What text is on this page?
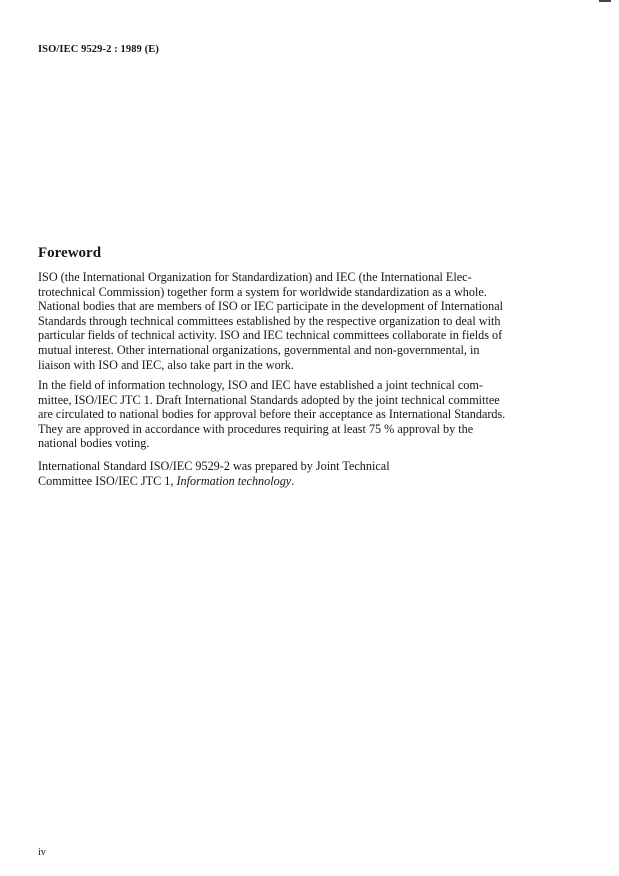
ISO/IEC 9529-2 : 1989 (E)
Foreword

ISO (the International Organization for Standardization) and IEC (the International Elec-
trotechnical Commission) together form a system for worldwide standardization as a whole.
National bodies that are members of ISO or IEC participate in the development of International
Standards through technical committees established by the respective organization to deal with
particular fields of technical activity. ISO and IEC technical committees collaborate in fields of
mutual interest. Other international organizations, governmental and non-governmental, in
liaison with ISO and IEC, also take part in the work.

In the field of information technology, ISO and IEC have established a joint technical com-
mittee, ISO/IEC JTC 1. Draft International Standards adopted by the joint technical committee
are circulated to national bodies for approval before their acceptance as International Standards.
They are approved in accordance with procedures requiring at least 75 % approval by the
national bodies voting.

International Standard ISO/IEC 9529-2 was prepared by Joint Technical
Committee ISO/IEC JTC 1, Information technology.

iv
